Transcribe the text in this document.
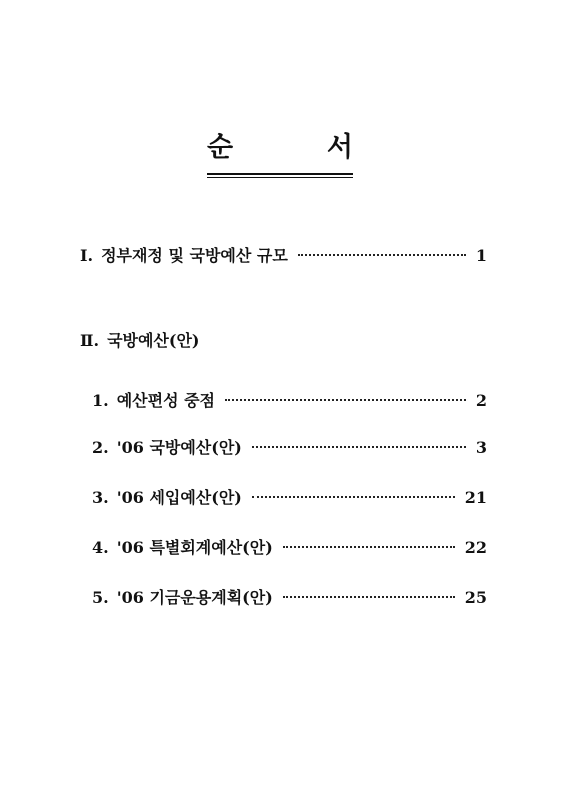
순	서
Ⅰ. 정부재정 및 국방예산 규모	1
Ⅱ. 국방예산(안)
1. 예산편성 중점	2
2. '06 국방예산(안)	3
3. '06 세입예산(안)	21
4. '06 특별회계예산(안)	22
5. '06 기금운용계획(안)	25
